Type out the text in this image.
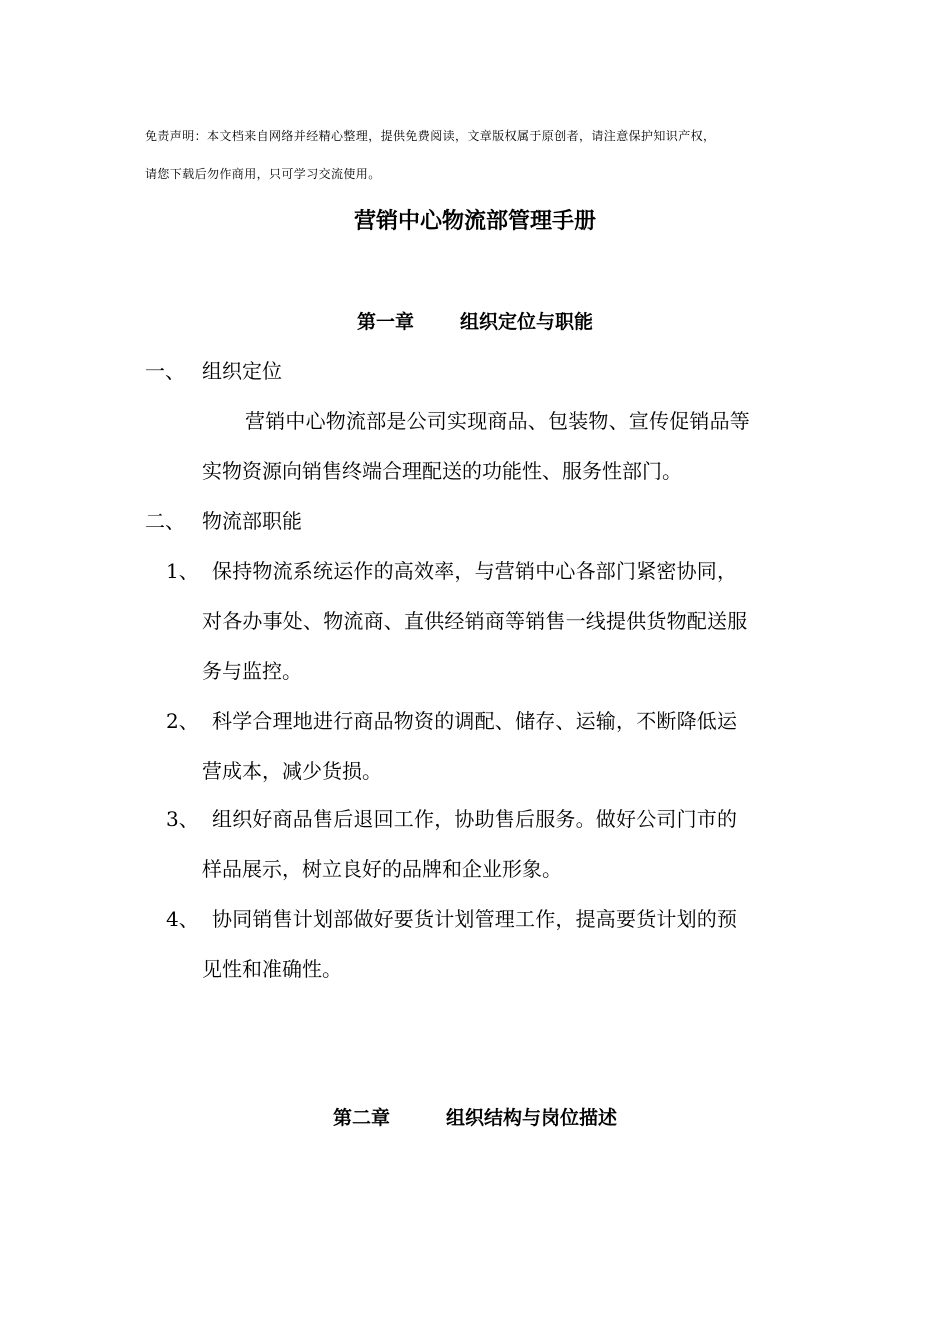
免责声明：本文档来自网络并经精心整理，提供免费阅读，文章版权属于原创者，请注意保护知识产权，
请您下载后勿作商用，只可学习交流使用。
营销中心物流部管理手册
第一章 组织定位与职能
一、 组织定位
营销中心物流部是公司实现商品、包装物、宣传促销品等
实物资源向销售终端合理配送的功能性、服务性部门。
二、 物流部职能
1、 保持物流系统运作的高效率，与营销中心各部门紧密协同，
对各办事处、物流商、直供经销商等销售一线提供货物配送服
务与监控。
2、 科学合理地进行商品物资的调配、储存、运输，不断降低运
营成本，减少货损。
3、 组织好商品售后退回工作，协助售后服务。做好公司门市的
样品展示，树立良好的品牌和企业形象。
4、 协同销售计划部做好要货计划管理工作，提高要货计划的预
见性和准确性。
第二章	组织结构与岗位描述
